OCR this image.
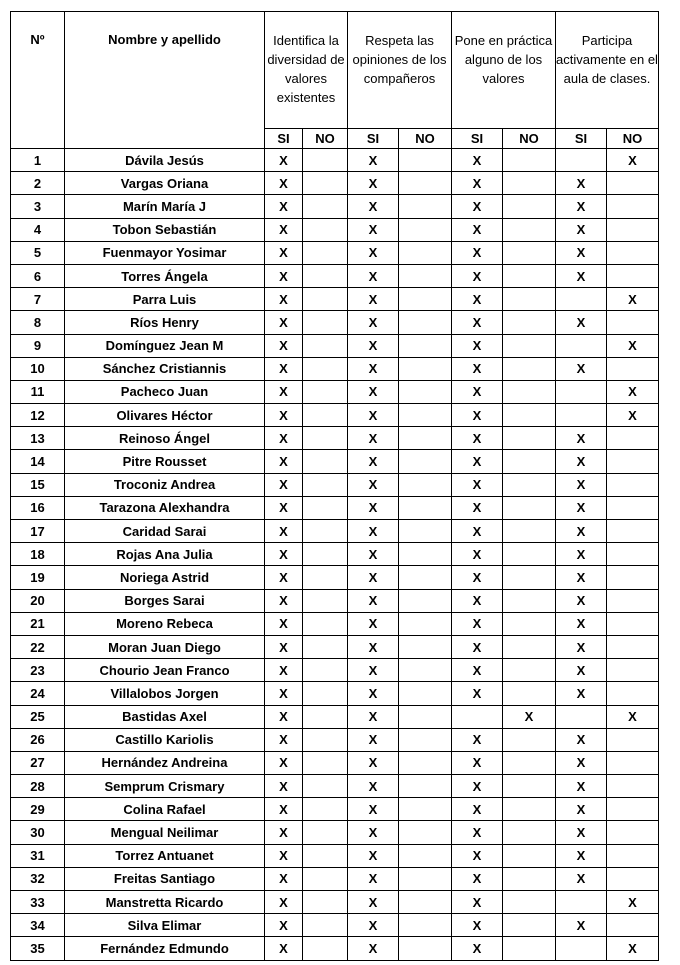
Nº	Nombre y apellido	Identifica la diversidad de valores existentes		Respeta las opiniones de los compañeros		Pone en práctica alguno de los valores		Participa activamente en el aula de clases.	
		SI	NO	SI	NO	SI	NO	SI	NO
1	Dávila Jesús	X		X		X			X
2	Vargas Oriana	X		X		X		X	
3	Marín María J	X		X		X		X	
4	Tobon Sebastián	X		X		X		X	
5	Fuenmayor Yosimar	X		X		X		X	
6	Torres Ángela	X		X		X		X	
7	Parra Luis	X		X		X			X
8	Ríos Henry	X		X		X		X	
9	Domínguez Jean M	X		X		X			X
10	Sánchez Cristiannis	X		X		X		X	
11	Pacheco Juan	X		X		X			X
12	Olivares Héctor	X		X		X			X
13	Reinoso Ángel	X		X		X		X	
14	Pitre Rousset	X		X		X		X	
15	Troconiz Andrea	X		X		X		X	
16	Tarazona Alexhandra	X		X		X		X	
17	Caridad Sarai	X		X		X		X	
18	Rojas Ana Julia	X		X		X		X	
19	Noriega Astrid	X		X		X		X	
20	Borges Sarai	X		X		X		X	
21	Moreno Rebeca	X		X		X		X	
22	Moran Juan Diego	X		X		X		X	
23	Chourio Jean Franco	X		X		X		X	
24	Villalobos Jorgen	X		X		X		X	
25	Bastidas Axel	X		X			X		X
26	Castillo Kariolis	X		X		X		X	
27	Hernández Andreina	X		X		X		X	
28	Semprum Crismary	X		X		X		X	
29	Colina Rafael	X		X		X		X	
30	Mengual Neilimar	X		X		X		X	
31	Torrez Antuanet	X		X		X		X	
32	Freitas Santiago	X		X		X		X	
33	Manstretta Ricardo	X		X		X			X
34	Silva Elimar	X		X		X		X	
35	Fernández Edmundo	X		X		X			X
